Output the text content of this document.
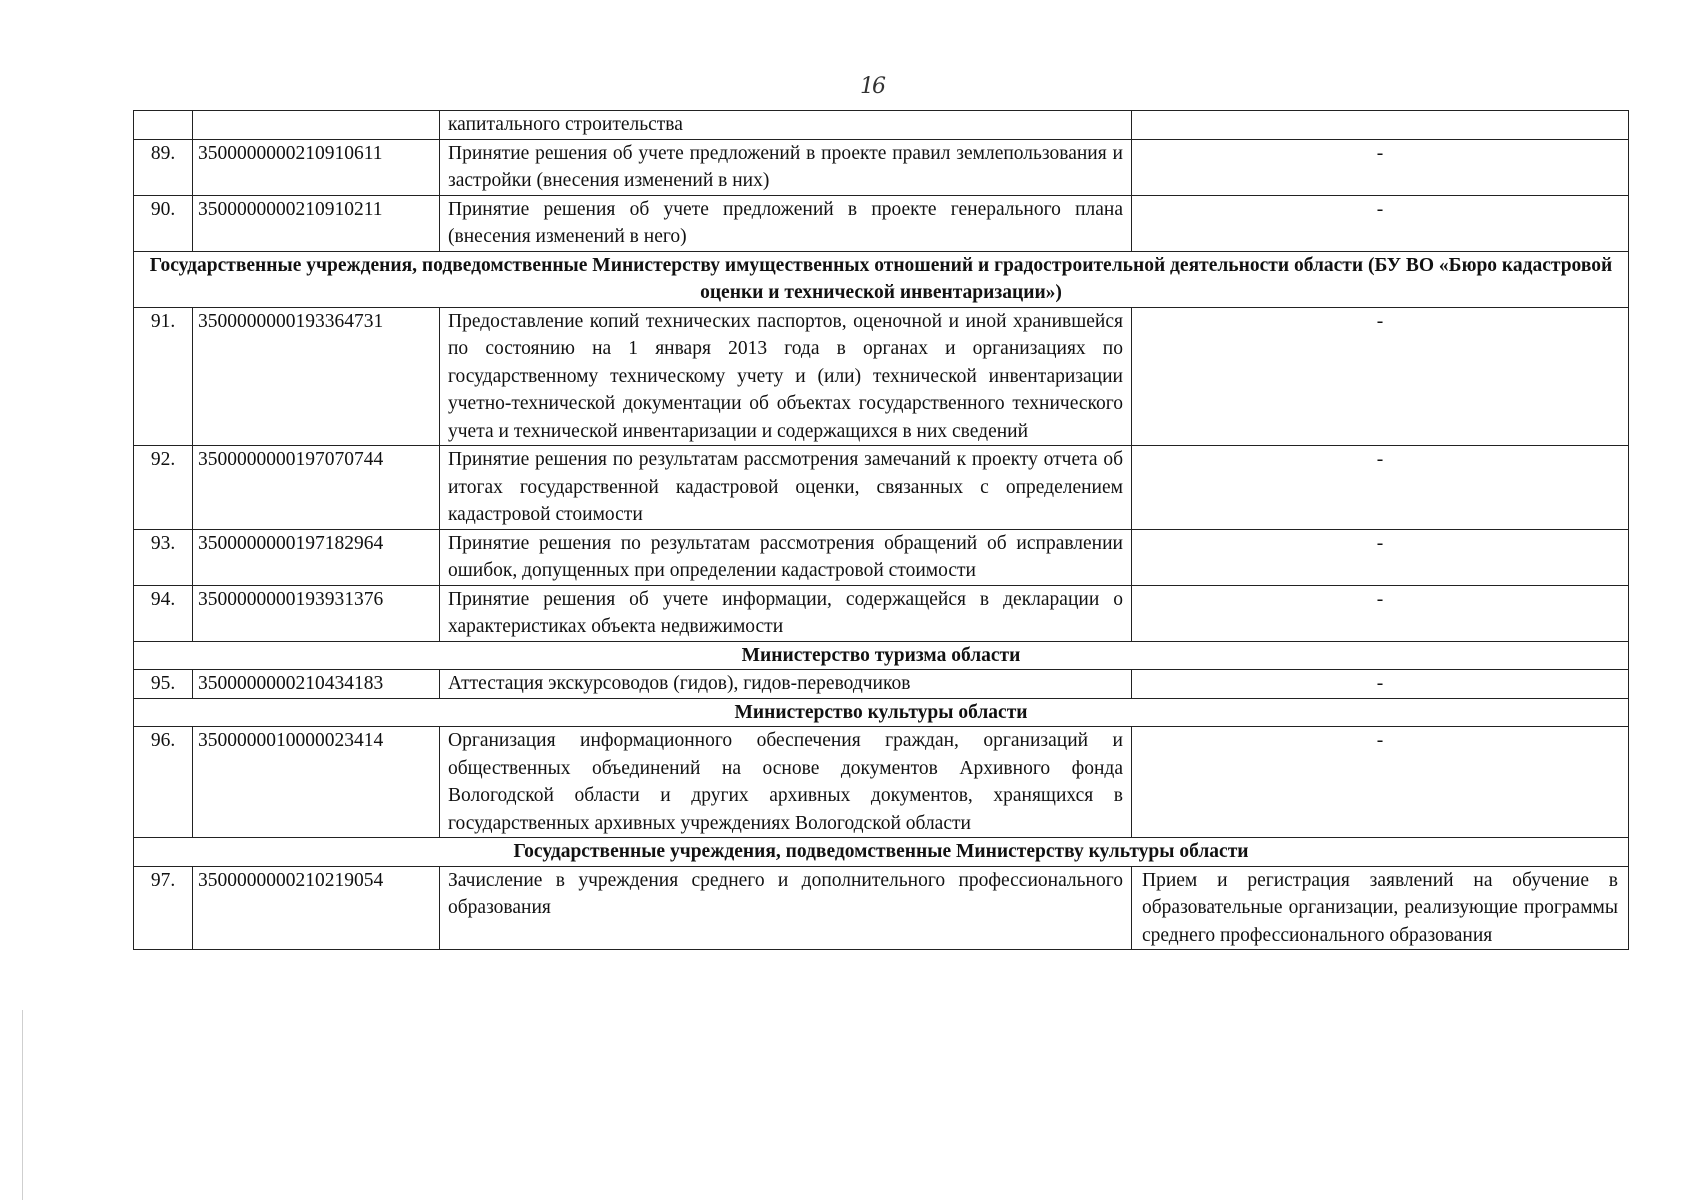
16
		капитального строительства	
89.	3500000000210910611	Принятие решения об учете предложений в проекте правил землепользования и застройки (внесения изменений в них)	-
90.	3500000000210910211	Принятие решения об учете предложений в проекте генерального плана (внесения изменений в него)	-
Государственные учреждения, подведомственные Министерству имущественных отношений и градостроительной деятельности области (БУ ВО «Бюро кадастровой оценки и технической инвентаризации»)			
91.	3500000000193364731	Предоставление копий технических паспортов, оценочной и иной хранившейся по состоянию на 1 января 2013 года в органах и организациях по государственному техническому учету и (или) технической инвентаризации учетно-технической документации об объектах государственного технического учета и технической инвентаризации и содержащихся в них сведений	-
92.	3500000000197070744	Принятие решения по результатам рассмотрения замечаний к проекту отчета об итогах государственной кадастровой оценки, связанных с определением кадастровой стоимости	-
93.	3500000000197182964	Принятие решения по результатам рассмотрения обращений об исправлении ошибок, допущенных при определении кадастровой стоимости	-
94.	3500000000193931376	Принятие решения об учете информации, содержащейся в декларации о характеристиках объекта недвижимости	-
Министерство туризма области			
95.	3500000000210434183	Аттестация экскурсоводов (гидов), гидов-переводчиков	-
Министерство культуры области			
96.	3500000010000023414	Организация информационного обеспечения граждан, организаций и общественных объединений на основе документов Архивного фонда Вологодской области и других архивных документов, хранящихся в государственных архивных учреждениях Вологодской области	-
Государственные учреждения, подведомственные Министерству культуры области			
97.	3500000000210219054	Зачисление в учреждения среднего и дополнительного профессионального образования	Прием и регистрация заявлений на обучение в образовательные организации, реализующие программы среднего профессионального образования
